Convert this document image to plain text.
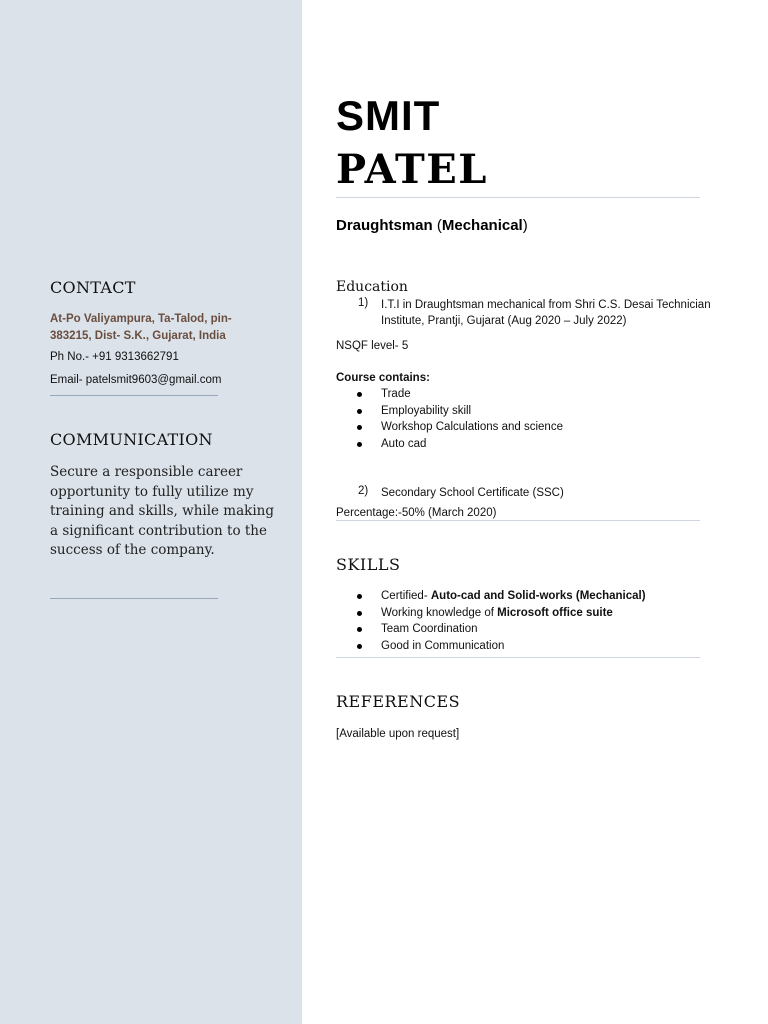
CONTACT
At-Po Valiyampura, Ta-Talod, pin-383215, Dist- S.K., Gujarat, India
Ph No.- +91 9313662791
Email- patelsmit9603@gmail.com
COMMUNICATION
Secure a responsible career opportunity to fully utilize my training and skills, while making a significant contribution to the success of the company.
SMIT
PATEL
Draughtsman (Mechanical)
Education
1) I.T.I in Draughtsman mechanical from Shri C.S. Desai Technician Institute, Prantji, Gujarat (Aug 2020 – July 2022)
NSQF level- 5
Course contains:
Trade
Employability skill
Workshop Calculations and science
Auto cad
2) Secondary School Certificate (SSC)
Percentage:-50% (March 2020)
SKILLS
Certified- Auto-cad and Solid-works (Mechanical)
Working knowledge of Microsoft office suite
Team Coordination
Good in Communication
REFERENCES
[Available upon request]
